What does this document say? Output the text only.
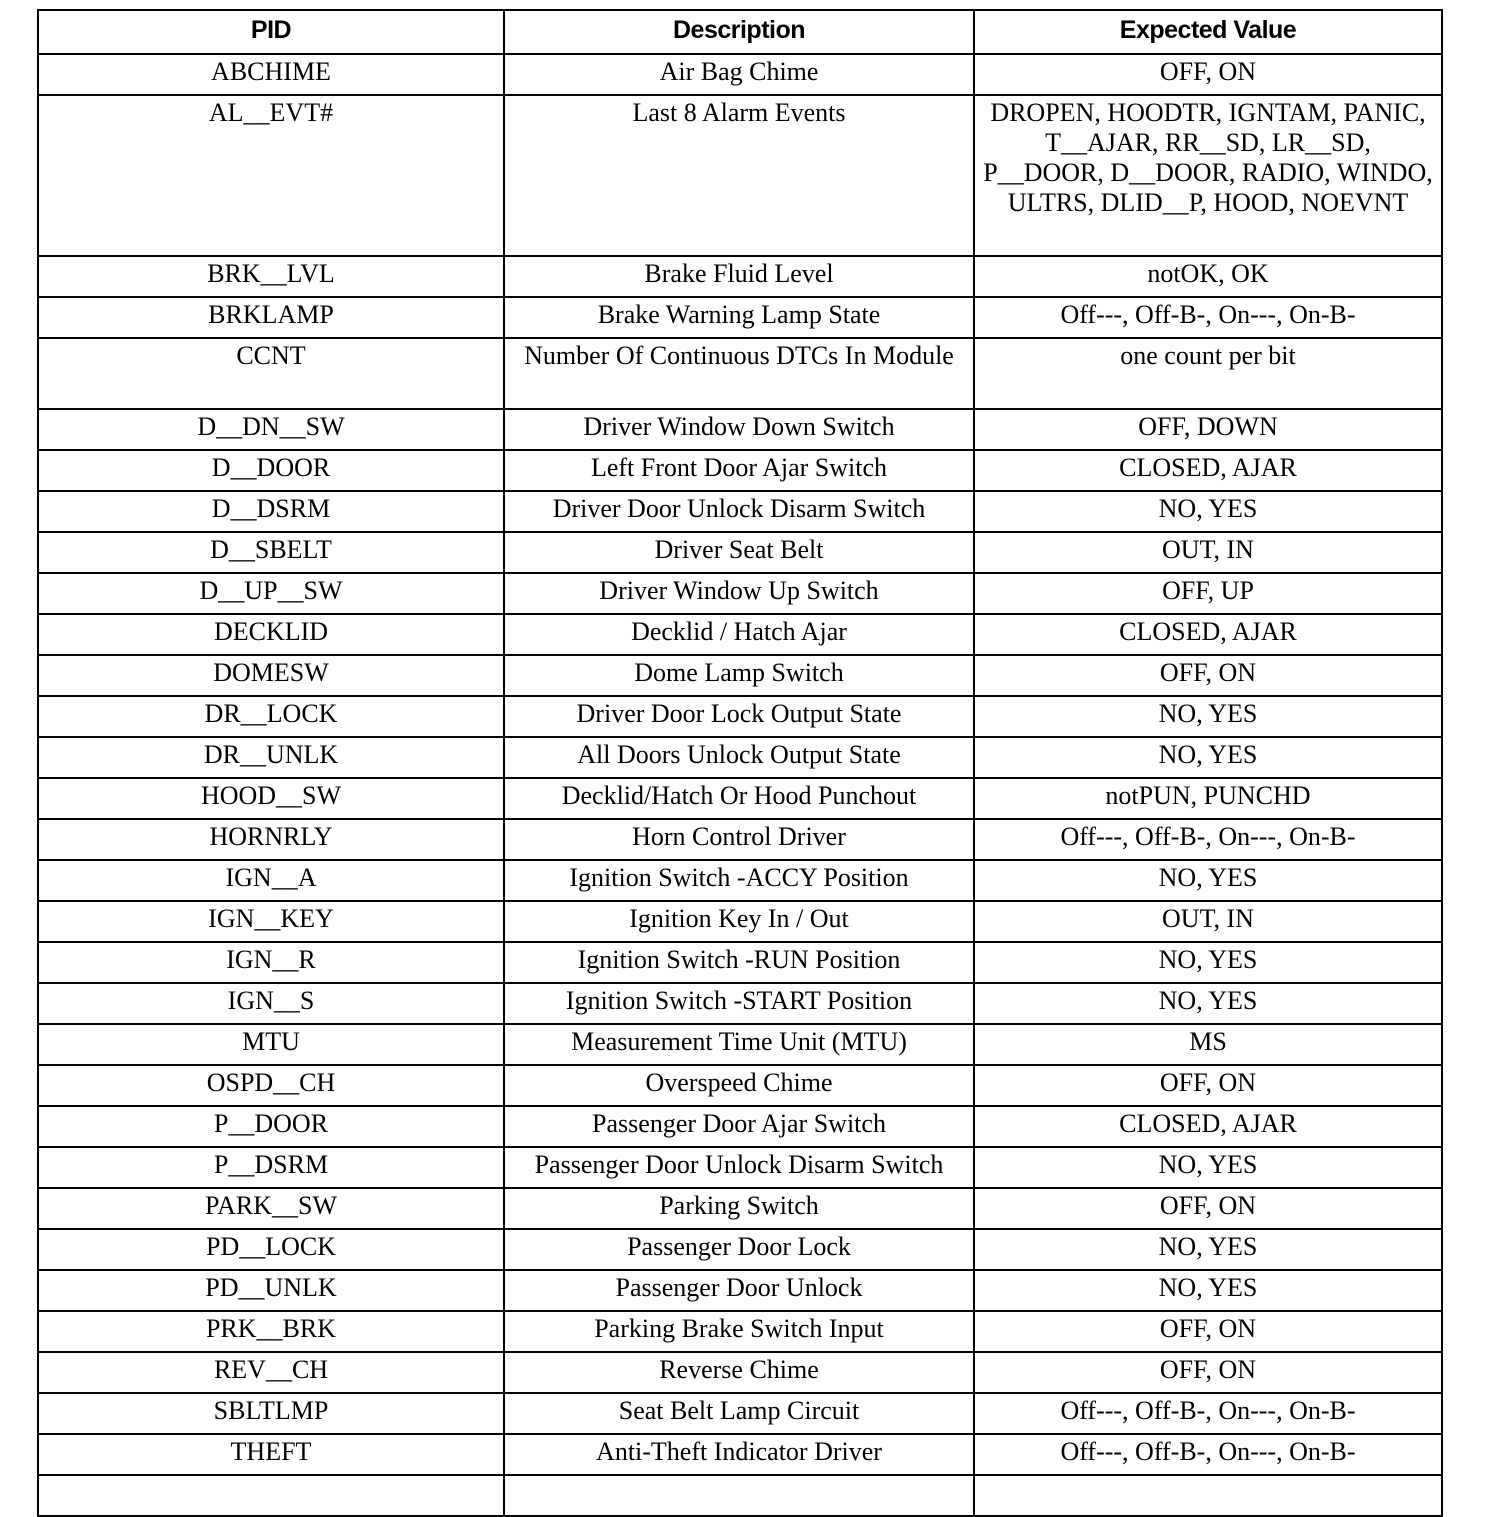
PID	Description	Expected Value
ABCHIME	Air Bag Chime	OFF, ON
AL__EVT#	Last 8 Alarm Events	DROPEN, HOODTR, IGNTAM, PANIC, T__AJAR, RR__SD, LR__SD, P__DOOR, D__DOOR, RADIO, WINDO, ULTRS, DLID__P, HOOD, NOEVNT
BRK__LVL	Brake Fluid Level	notOK, OK
BRKLAMP	Brake Warning Lamp State	Off---, Off-B-, On---, On-B-
CCNT	Number Of Continuous DTCs In Module	one count per bit
D__DN__SW	Driver Window Down Switch	OFF, DOWN
D__DOOR	Left Front Door Ajar Switch	CLOSED, AJAR
D__DSRM	Driver Door Unlock Disarm Switch	NO, YES
D__SBELT	Driver Seat Belt	OUT, IN
D__UP__SW	Driver Window Up Switch	OFF, UP
DECKLID	Decklid / Hatch Ajar	CLOSED, AJAR
DOMESW	Dome Lamp Switch	OFF, ON
DR__LOCK	Driver Door Lock Output State	NO, YES
DR__UNLK	All Doors Unlock Output State	NO, YES
HOOD__SW	Decklid/Hatch Or Hood Punchout	notPUN, PUNCHD
HORNRLY	Horn Control Driver	Off---, Off-B-, On---, On-B-
IGN__A	Ignition Switch -ACCY Position	NO, YES
IGN__KEY	Ignition Key In / Out	OUT, IN
IGN__R	Ignition Switch -RUN Position	NO, YES
IGN__S	Ignition Switch -START Position	NO, YES
MTU	Measurement Time Unit (MTU)	MS
OSPD__CH	Overspeed Chime	OFF, ON
P__DOOR	Passenger Door Ajar Switch	CLOSED, AJAR
P__DSRM	Passenger Door Unlock Disarm Switch	NO, YES
PARK__SW	Parking Switch	OFF, ON
PD__LOCK	Passenger Door Lock	NO, YES
PD__UNLK	Passenger Door Unlock	NO, YES
PRK__BRK	Parking Brake Switch Input	OFF, ON
REV__CH	Reverse Chime	OFF, ON
SBLTLMP	Seat Belt Lamp Circuit	Off---, Off-B-, On---, On-B-
THEFT	Anti-Theft Indicator Driver	Off---, Off-B-, On---, On-B-
